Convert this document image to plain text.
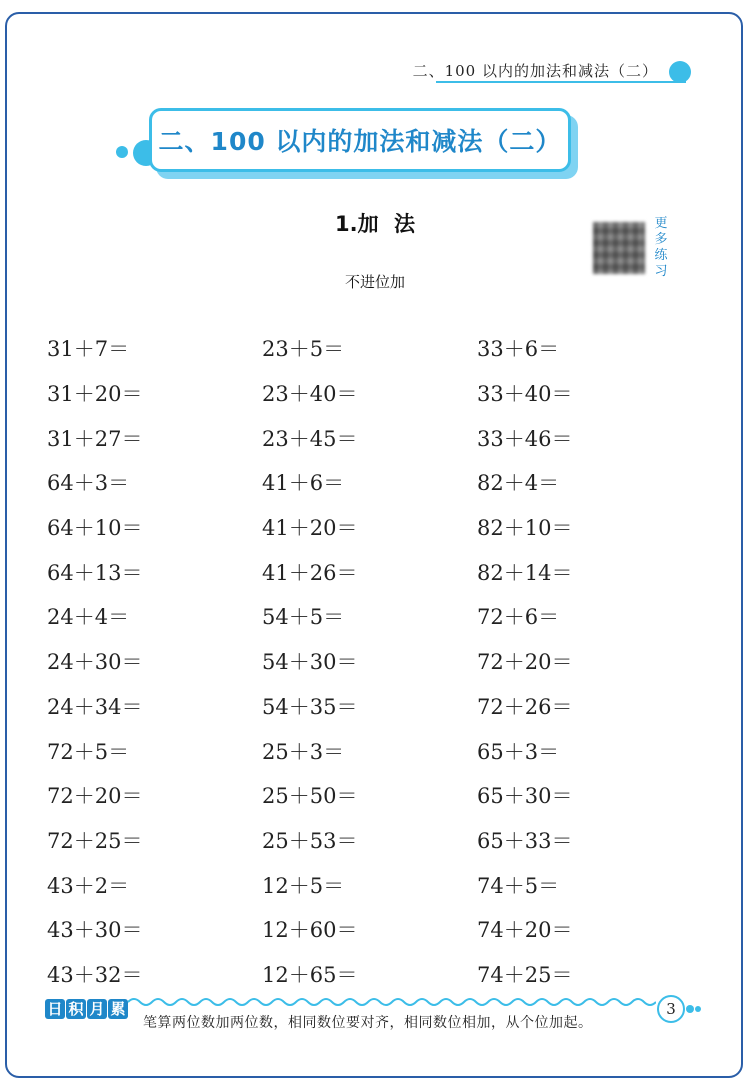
二、100 以内的加法和减法（二）
二、100 以内的加法和减法（二）
1.加 法	更多练习
不进位加
31＋7＝	23＋5＝	33＋6＝
31＋20＝	23＋40＝	33＋40＝
31＋27＝	23＋45＝	33＋46＝
64＋3＝	41＋6＝	82＋4＝
64＋10＝	41＋20＝	82＋10＝
64＋13＝	41＋26＝	82＋14＝
24＋4＝	54＋5＝	72＋6＝
24＋30＝	54＋30＝	72＋20＝
24＋34＝	54＋35＝	72＋26＝
72＋5＝	25＋3＝	65＋3＝
72＋20＝	25＋50＝	65＋30＝
72＋25＝	25＋53＝	65＋33＝
43＋2＝	12＋5＝	74＋5＝
43＋30＝	12＋60＝	74＋20＝
43＋32＝	12＋65＝	74＋25＝
日 积 月 累
笔算两位数加两位数，相同数位要对齐，相同数位相加，从个位加起。
3
